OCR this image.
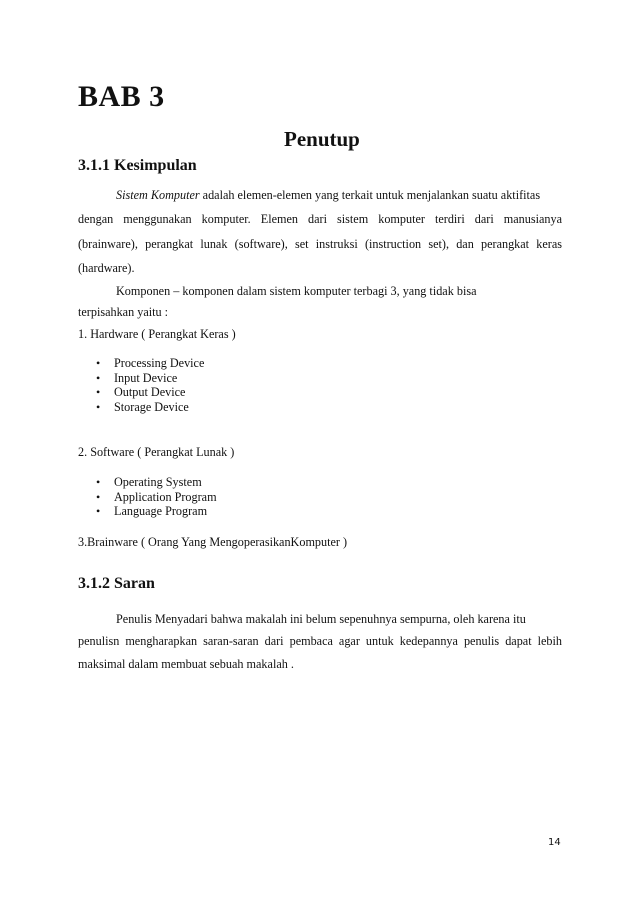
BAB 3
Penutup
3.1.1 Kesimpulan
Sistem Komputer adalah elemen-elemen yang terkait untuk menjalankan suatu aktifitas
dengan menggunakan komputer. Elemen dari sistem komputer terdiri dari manusianya
(brainware), perangkat lunak (software), set instruksi (instruction set), dan perangkat keras
(hardware).
Komponen – komponen dalam sistem komputer terbagi 3, yang tidak bisa
terpisahkan yaitu :
1. Hardware ( Perangkat Keras )
• Processing Device
• Input Device
• Output Device
• Storage Device
2. Software ( Perangkat Lunak )
• Operating System
• Application Program
• Language Program
3.Brainware ( Orang Yang MengoperasikanKomputer )
3.1.2 Saran
Penulis Menyadari bahwa makalah ini belum sepenuhnya sempurna, oleh karena itu
penulisn mengharapkan saran-saran dari pembaca agar untuk kedepannya penulis dapat lebih
maksimal dalam membuat sebuah makalah .
14
